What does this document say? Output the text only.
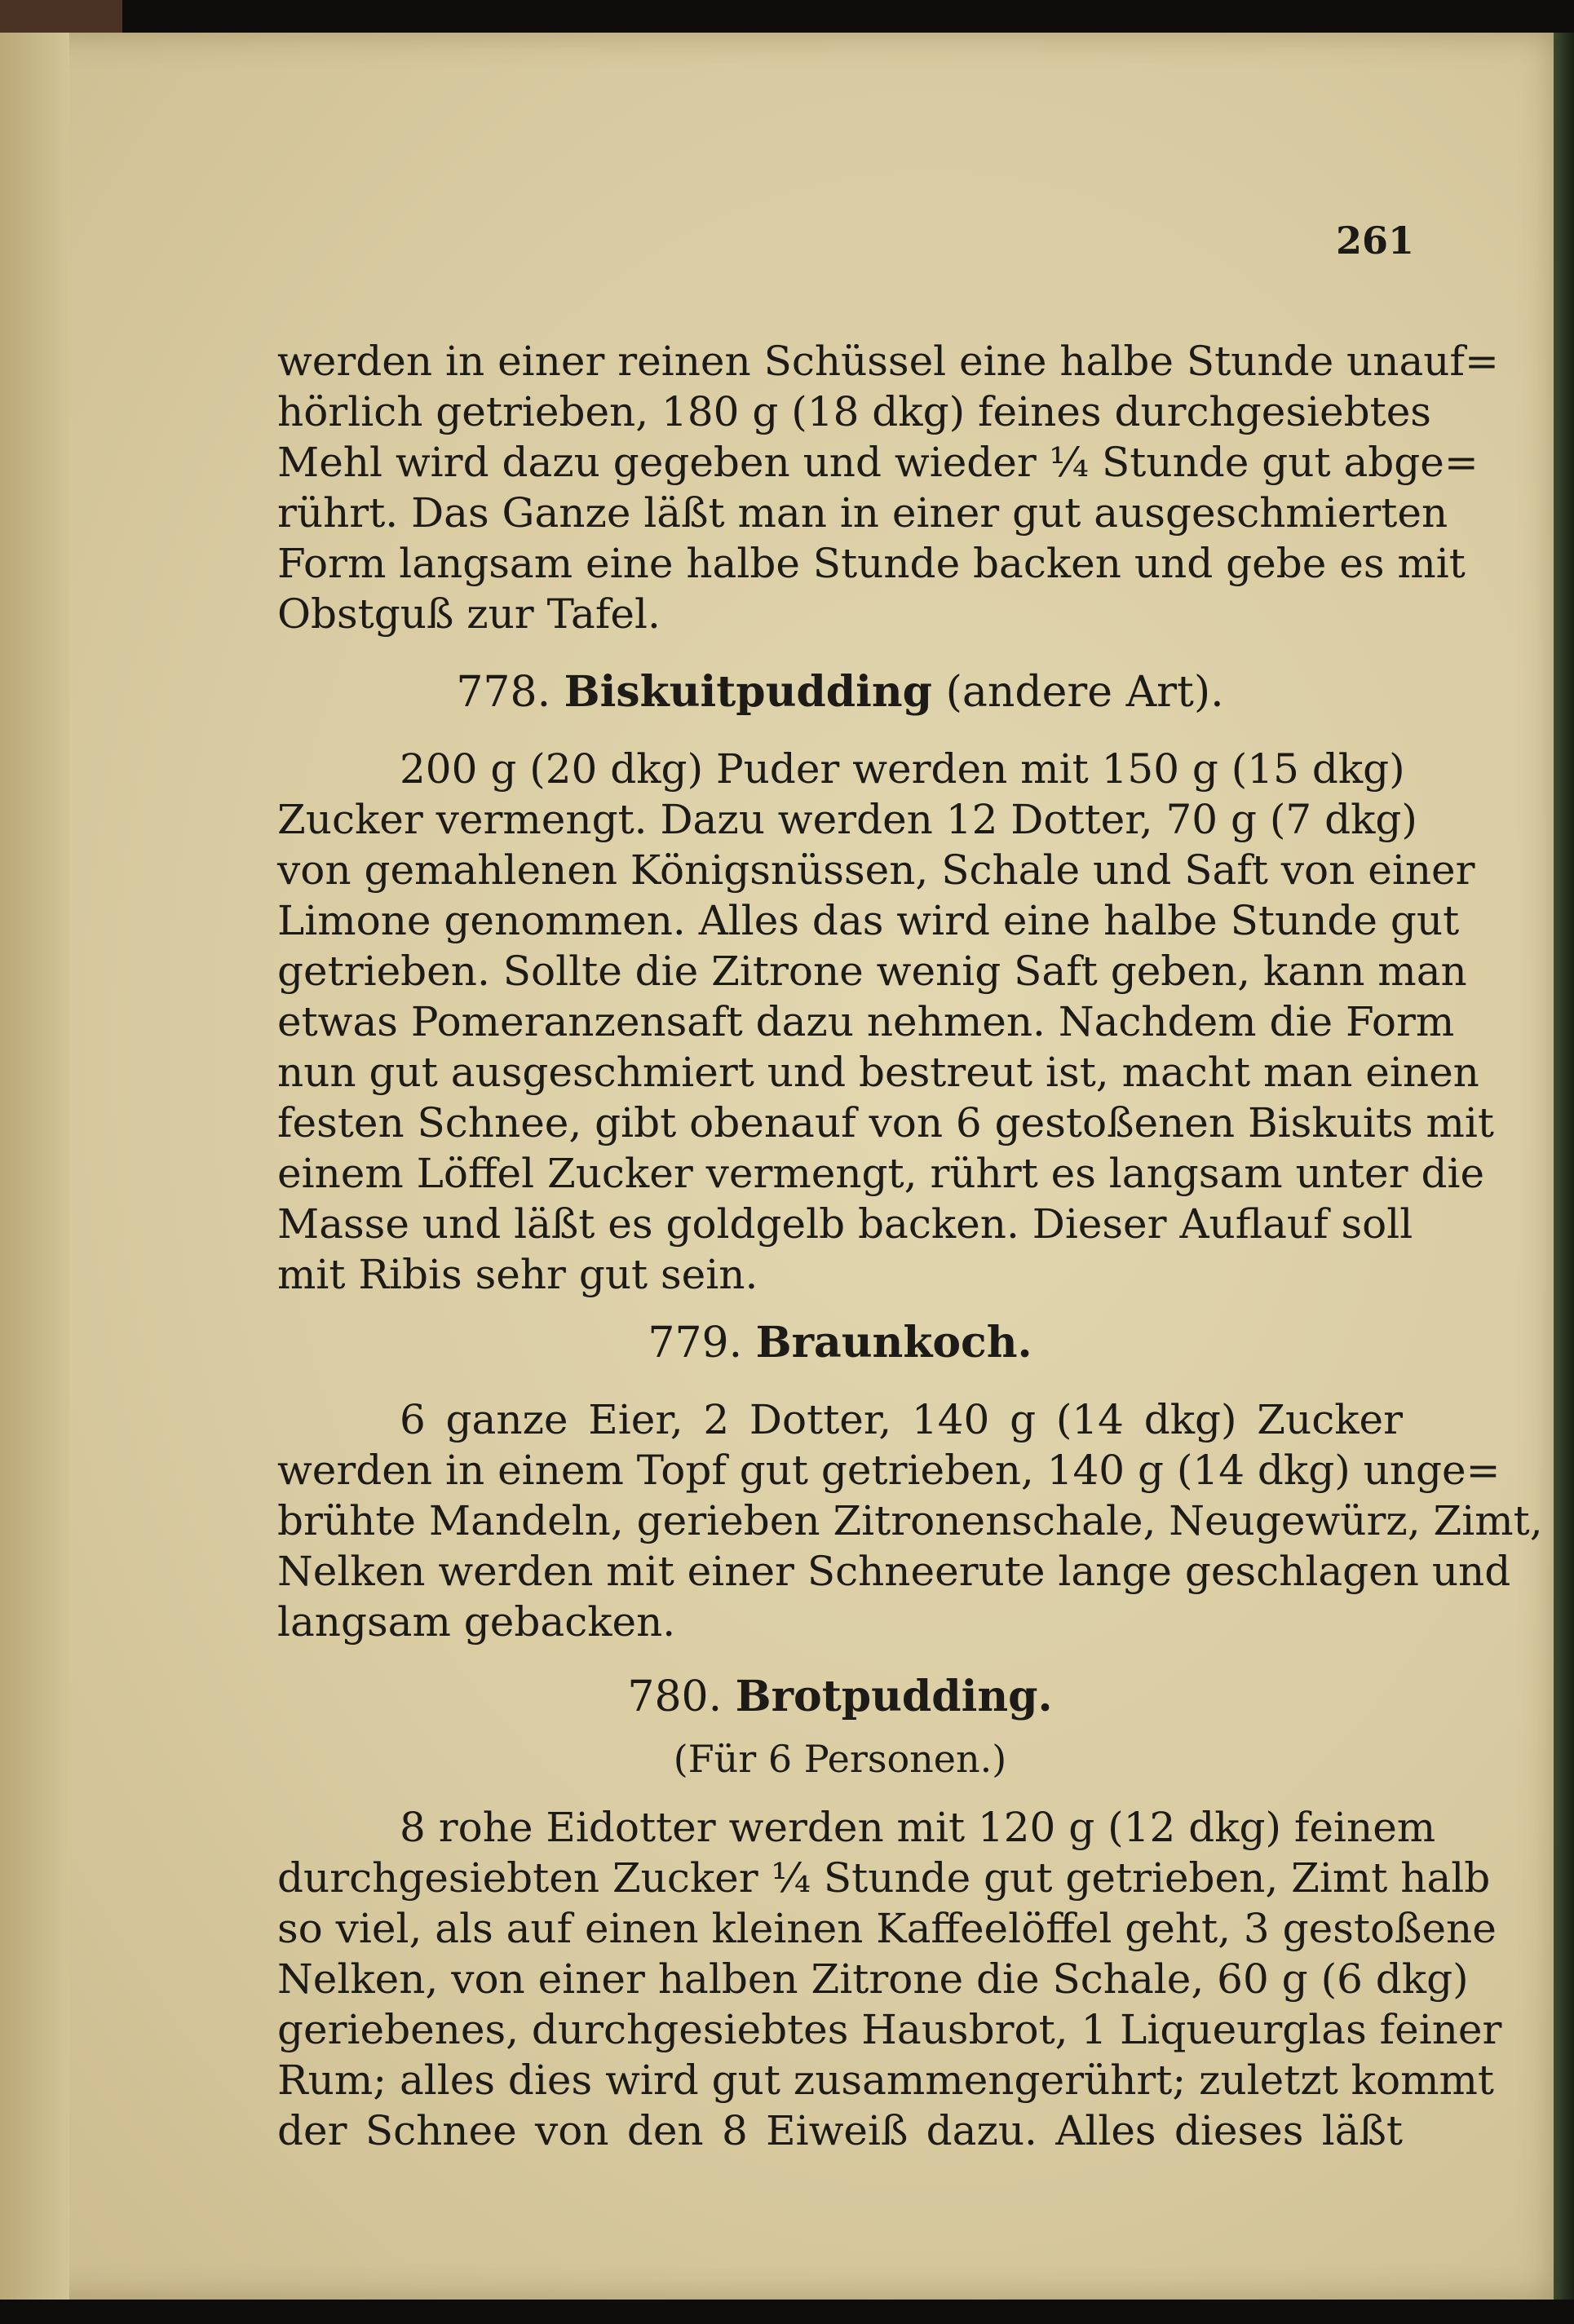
261
werden in einer reinen Schüssel eine halbe Stunde unauf=
hörlich getrieben, 180 g (18 dkg) feines durchgesiebtes
Mehl wird dazu gegeben und wieder ¼ Stunde gut abge=
rührt. Das Ganze läßt man in einer gut ausgeschmierten
Form langsam eine halbe Stunde backen und gebe es mit
Obstguß zur Tafel.
778. Biskuitpudding (andere Art).
200 g (20 dkg) Puder werden mit 150 g (15 dkg)
Zucker vermengt. Dazu werden 12 Dotter, 70 g (7 dkg)
von gemahlenen Königsnüssen, Schale und Saft von einer
Limone genommen. Alles das wird eine halbe Stunde gut
getrieben. Sollte die Zitrone wenig Saft geben, kann man
etwas Pomeranzensaft dazu nehmen. Nachdem die Form
nun gut ausgeschmiert und bestreut ist, macht man einen
festen Schnee, gibt obenauf von 6 gestoßenen Biskuits mit
einem Löffel Zucker vermengt, rührt es langsam unter die
Masse und läßt es goldgelb backen. Dieser Auflauf soll
mit Ribis sehr gut sein.
779. Braunkoch.
6 ganze Eier, 2 Dotter, 140 g (14 dkg) Zucker
werden in einem Topf gut getrieben, 140 g (14 dkg) unge=
brühte Mandeln, gerieben Zitronenschale, Neugewürz, Zimt,
Nelken werden mit einer Schneerute lange geschlagen und
langsam gebacken.
780. Brotpudding.
(Für 6 Personen.)
8 rohe Eidotter werden mit 120 g (12 dkg) feinem
durchgesiebten Zucker ¼ Stunde gut getrieben, Zimt halb
so viel, als auf einen kleinen Kaffeelöffel geht, 3 gestoßene
Nelken, von einer halben Zitrone die Schale, 60 g (6 dkg)
geriebenes, durchgesiebtes Hausbrot, 1 Liqueurglas feiner
Rum; alles dies wird gut zusammengerührt; zuletzt kommt
der Schnee von den 8 Eiweiß dazu. Alles dieses läßt
